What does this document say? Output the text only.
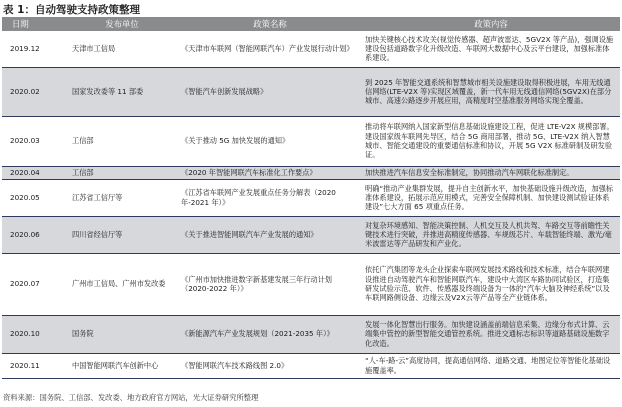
表 1：自动驾驶支持政策整理
日期	发布单位	政策名称	政策内容
2019.12	天津市工信局	《天津市车联网（智能网联汽车）产业发展行动计划》	加快关键核心技术攻关(视觉传感器、超声波雷达、5GV2X 等产品)，强调设施建设包括道路数字化升级改造、车联网大数据中心及云平台建设，加强标准体系建设。
2020.02	国家发改委等 11 部委	《智能汽车创新发展战略》	到 2025 年智能交通系统和智慧城市相关设施建设取得积极进展，车用无线通信网络(LTE-V2X 等)实现区域覆盖，新一代车用无线通信网络(5GV2X)在部分城市、高速公路逐步开展应用，高精度时空基准服务网络实现全覆盖。
2020.03	工信部	《关于推动 5G 加快发展的通知》	推动将车联网纳入国家新型信息基础设施建设工程，促进 LTE-V2X 规模部署。建设国家级车联网先导区，结合 5G 商用部署，推动 5G、LTE-V2X 纳入智慧城市、智能交通建设的重要通信标准和协议，开展 5G V2X 标准研制及研发验证。
2020.04	工信部	《2020 年智能网联汽车标准化工作要点》	加快推进汽车信息安全标准制定，协同推动汽车网联化标准制定。
2020.05	江苏省工信厅等	《江苏省车联网产业发展重点任务分解表（2020 年-2021 年）》	明确“推动产业集群发展，提升自主创新水平，加快基础设施升级改造，加强标准体系建设，拓展示范应用模式，完善安全保障机制、加快建设测试验证体系建设”七大方面 65 项重点任务。
2020.06	四川省经信厅等	《关于推进智能网联汽车产业发展的通知》	对复杂环境感知、智能决策控制、人机交互及人机共驾、车路交互等前瞻性关键技术进行突破，并推进高精度传感器、车规级芯片、车载智能终端、激光/毫米波雷达等产品研发和产业化。
2020.07	广州市工信局、广州市发改委	《广州市加快推进数字新基建发展三年行动计划（2020-2022 年）》	依托广汽集团等龙头企业探索车联网发展技术路线和技术标准，结合车联网建设推进自动驾驶汽车和智能网联汽车，建设中大湾区车路协同试验区，打造集研发试验示范、软件、传感器及终端设备为一体的“汽车大脑及神经系统”以及车联网路侧设备、边缘云及V2X云等产品等全产业链体系。
2020.10	国务院	《新能源汽车产业发展规划（2021-2035 年）》	发展一体化智慧出行服务。加快建设涵盖前端信息采集、边缘分布式计算、云端集中管控的新型智能交通管控系统。推进交通标志标识等道路基础设施数字化改造。
2020.11	中国智能网联汽车创新中心	《智能网联汽车技术路线图 2.0》	“人-车-路-云”高度协同，提高通信网络、道路交通、地图定位等智能化基础设施覆盖率。
资料来源：国务院、工信部、发改委、地方政府官方网站，光大证券研究所整理
